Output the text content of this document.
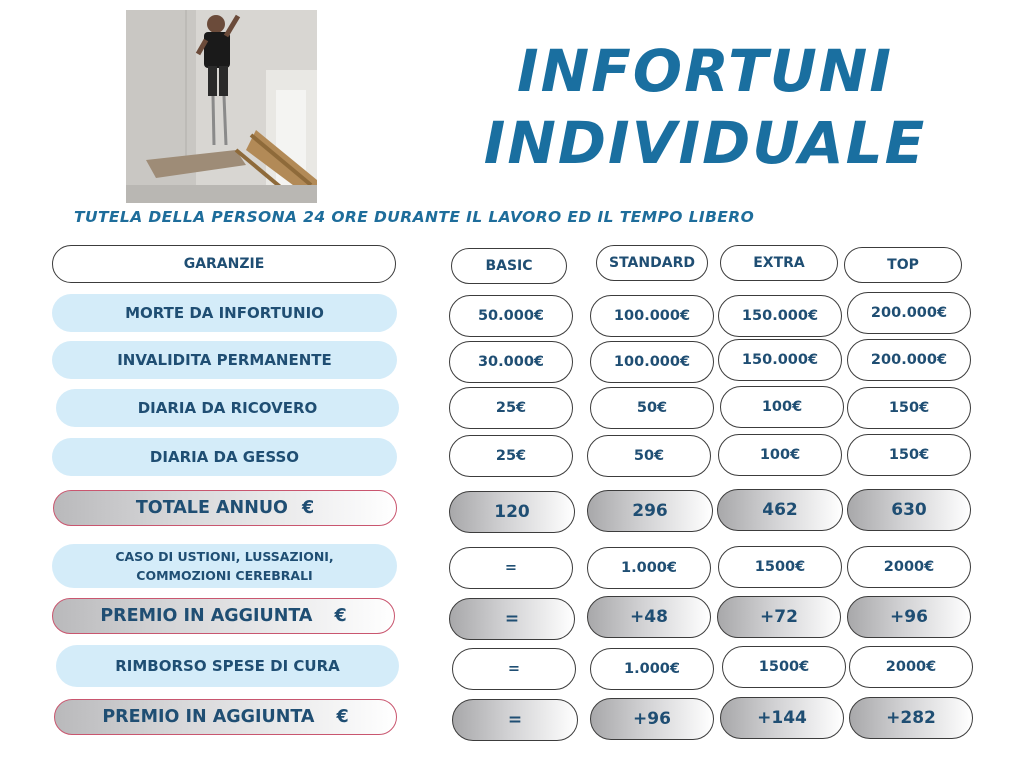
INFORTUNI
INDIVIDUALE
TUTELA DELLA PERSONA 24 ORE DURANTE IL LAVORO ED IL TEMPO LIBERO
GARANZIE	BASIC	STANDARD	EXTRA	TOP
MORTE DA INFORTUNIO	50.000€	100.000€	150.000€	200.000€
INVALIDITA PERMANENTE	30.000€	100.000€	150.000€	200.000€
DIARIA DA RICOVERO	25€	50€	100€	150€
DIARIA DA GESSO	25€	50€	100€	150€
TOTALE ANNUO €	120	296	462	630
CASO DI USTIONI, LUSSAZIONI,
COMMOZIONI CEREBRALI	=	1.000€	1500€	2000€
PREMIO IN AGGIUNTA €	=	+48	+72	+96
RIMBORSO SPESE DI CURA	=	1.000€	1500€	2000€
PREMIO IN AGGIUNTA €	=	+96	+144	+282
